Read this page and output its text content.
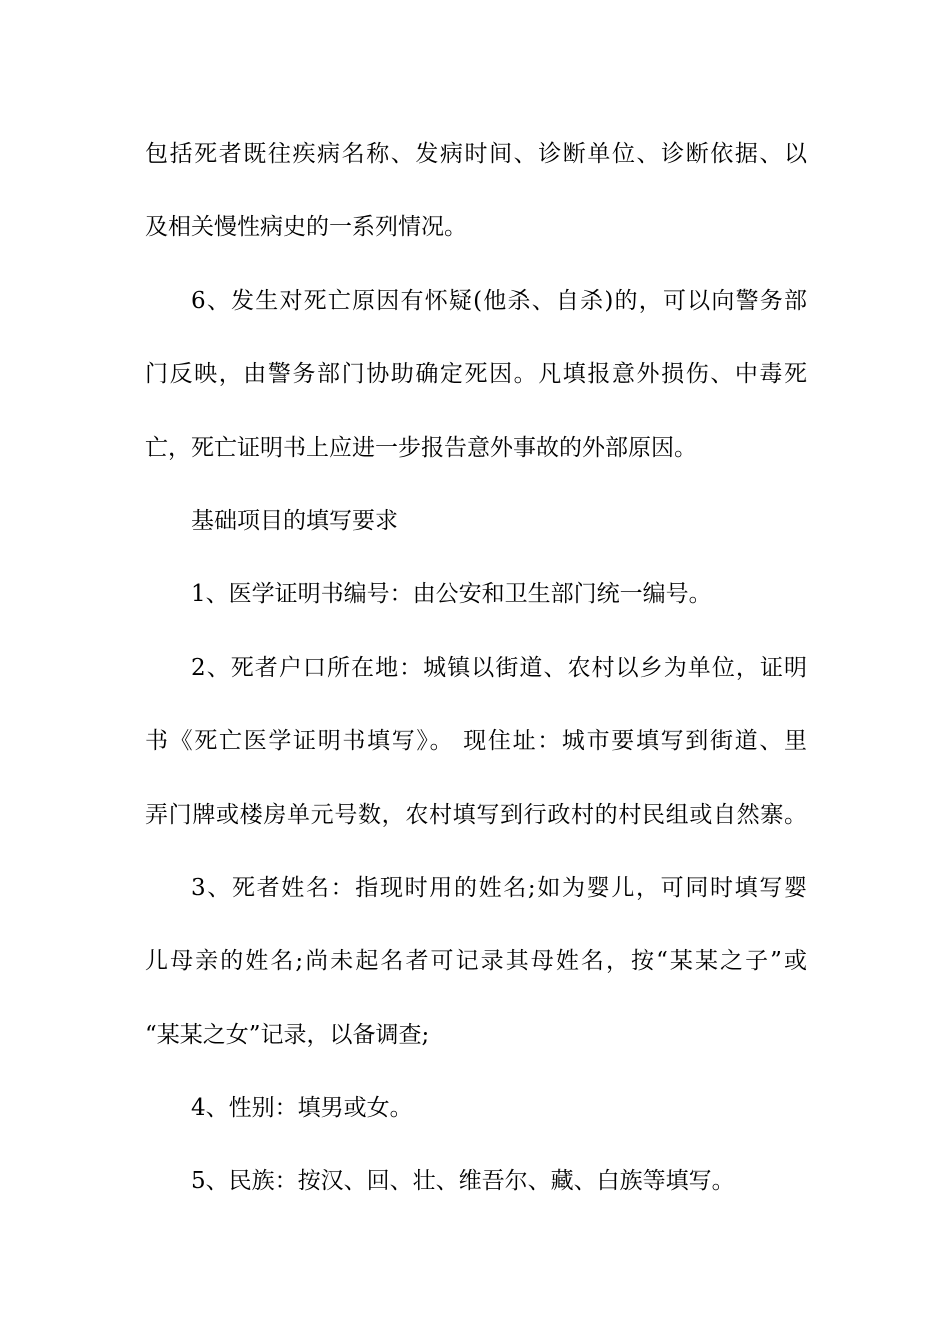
包括死者既往疾病名称、发病时间、诊断单位、诊断依据、以
及相关慢性病史的一系列情况。
6、发生对死亡原因有怀疑(他杀、自杀)的，可以向警务部
门反映，由警务部门协助确定死因。凡填报意外损伤、中毒死
亡，死亡证明书上应进一步报告意外事故的外部原因。
基础项目的填写要求
1、医学证明书编号：由公安和卫生部门统一编号。
2、死者户口所在地：城镇以街道、农村以乡为单位，证明
书《死亡医学证明书填写》。 现住址：城市要填写到街道、里
弄门牌或楼房单元号数，农村填写到行政村的村民组或自然寨。
3、死者姓名：指现时用的姓名;如为婴儿，可同时填写婴
儿母亲的姓名;尚未起名者可记录其母姓名，按“某某之子”或
“某某之女”记录，以备调查;
4、性别：填男或女。
5、民族：按汉、回、壮、维吾尔、藏、白族等填写。
